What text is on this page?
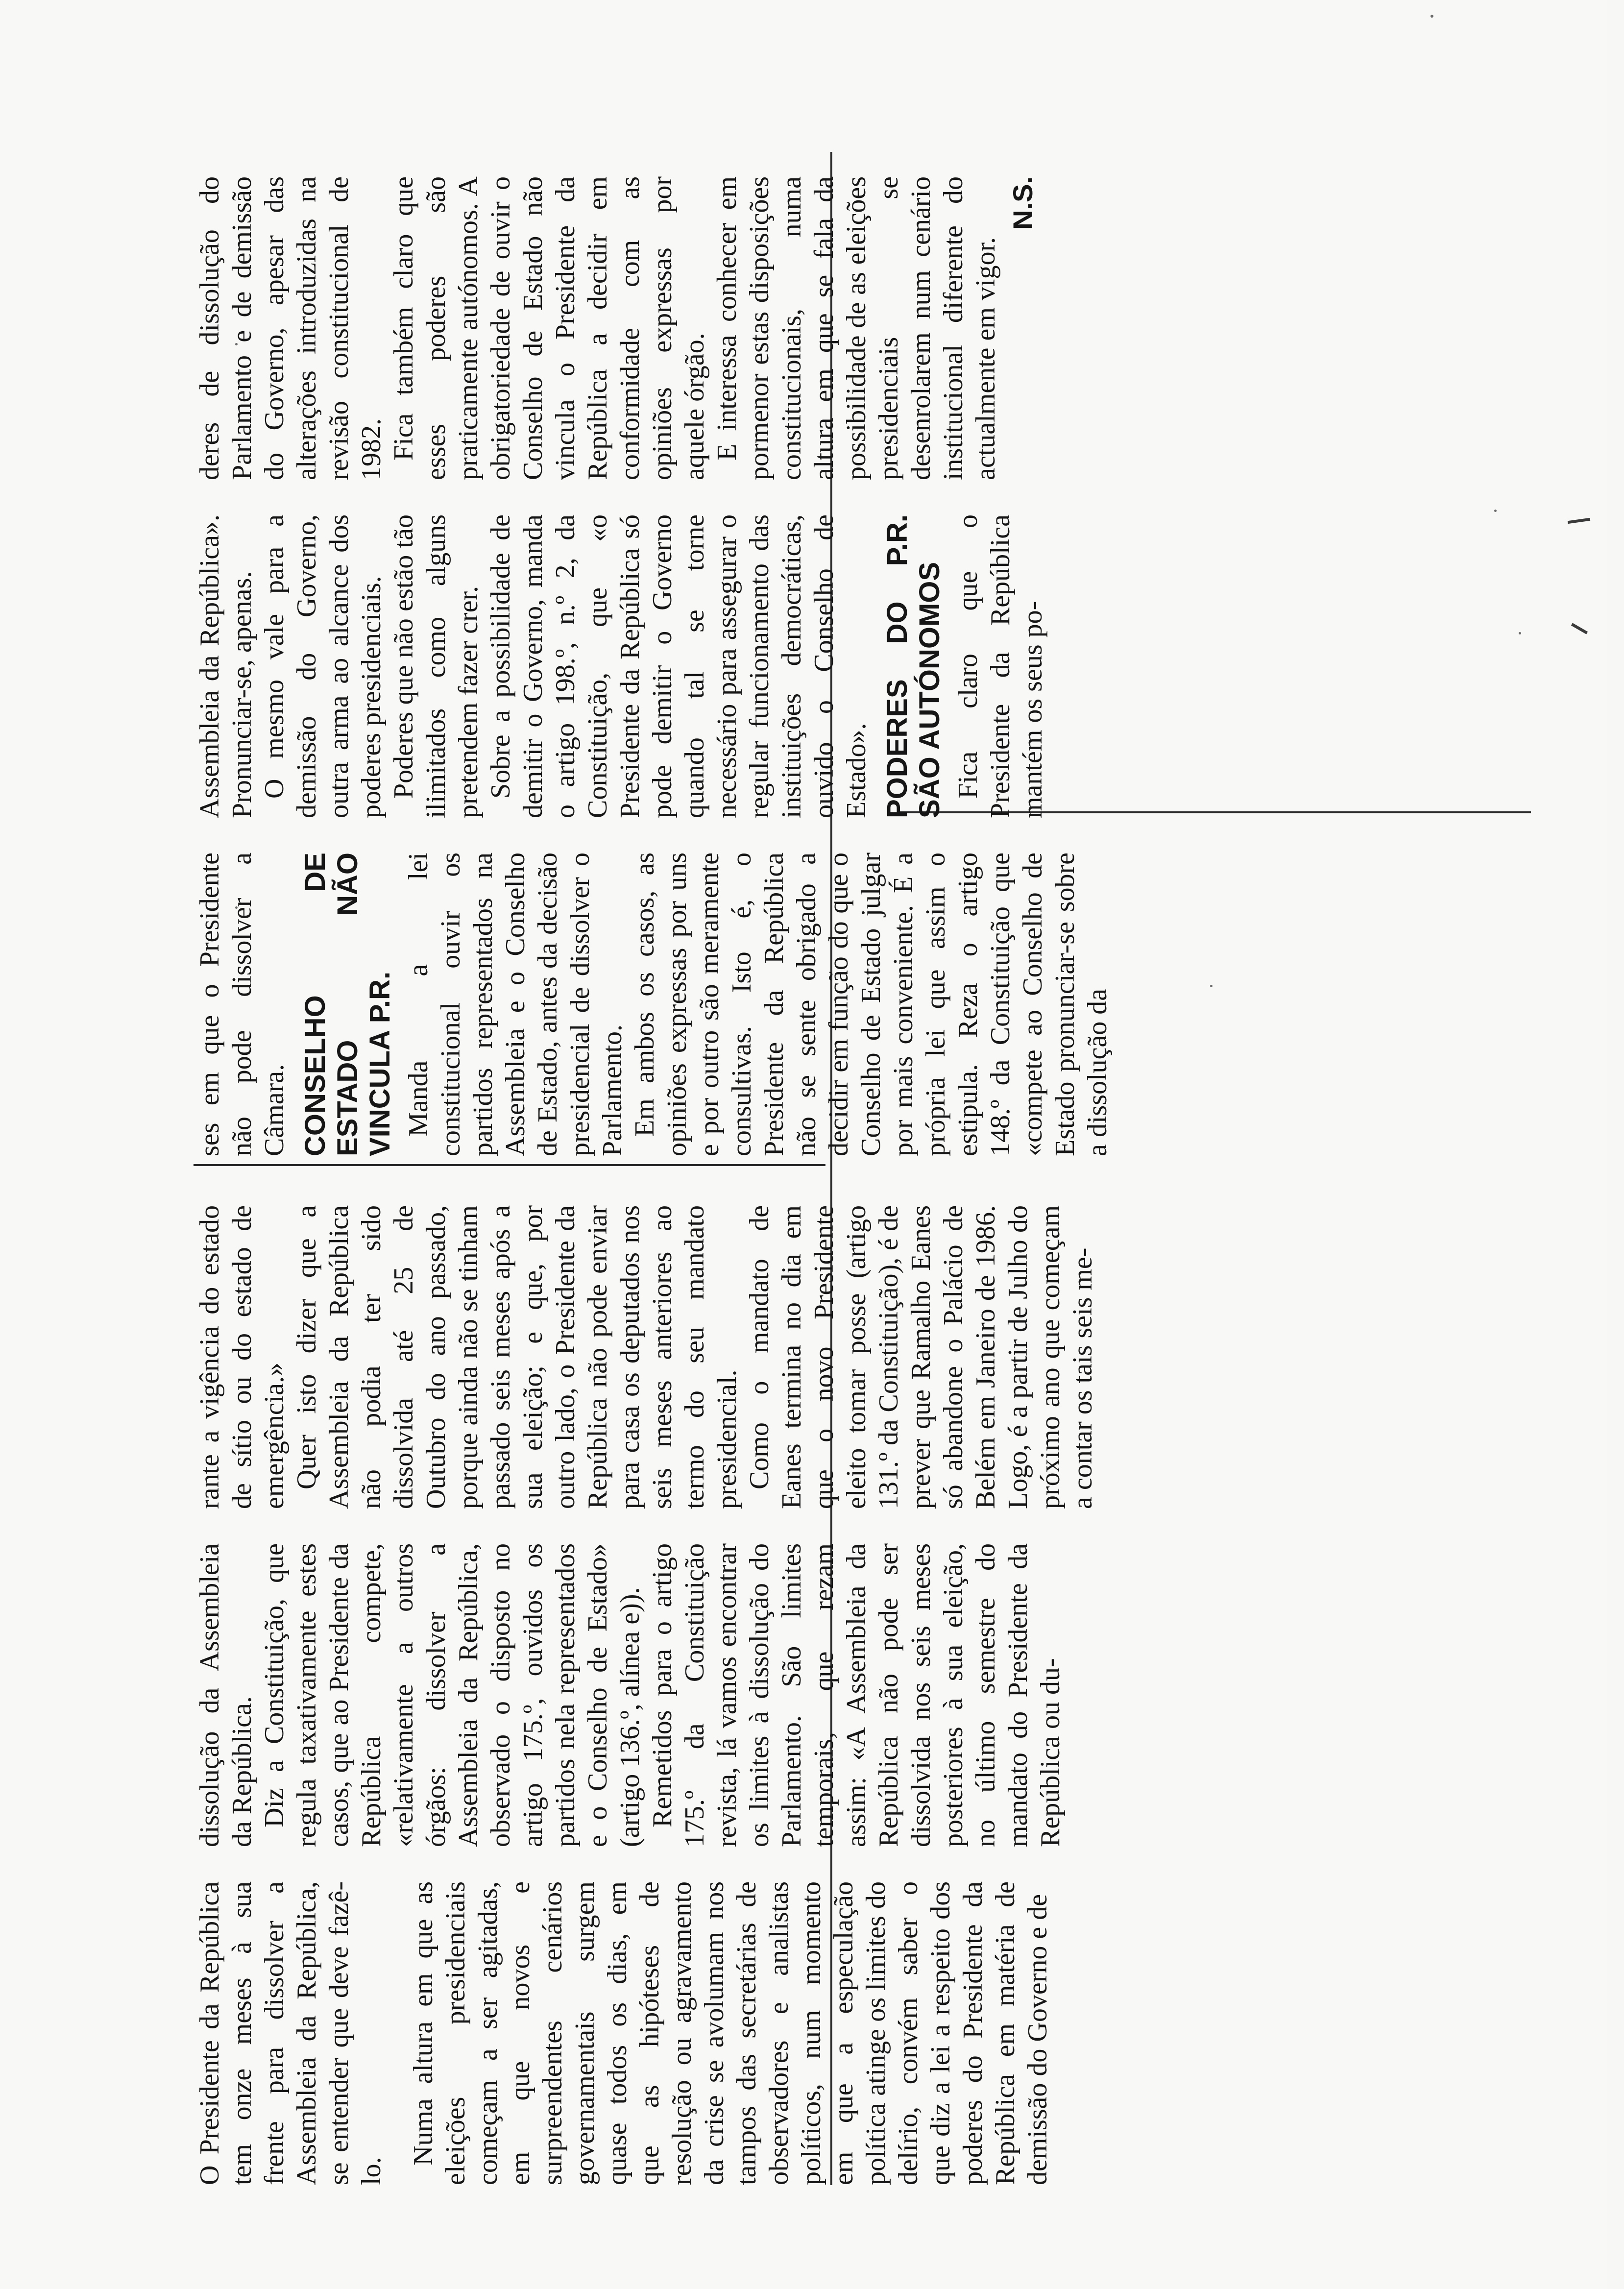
O Presidente da República tem onze meses à sua frente para dissolver a Assembleia da República, se entender que deve fazê-lo.

Numa altura em que as eleições presidenciais começam a ser agitadas, em que novos e surpreendentes cenários governamentais surgem quase todos os dias, em que as hipóteses de resolução ou agravamento da crise se avolumam nos tampos das secretárias de observadores e analistas políticos, num momento em que a especulação política atinge os limites do delírio, convém saber o que diz a lei a respeito dos poderes do Presidente da República em matéria de demissão do Governo e de

dissolução da Assembleia da República. Diz a Constituição, que regula taxativamente estes casos, que ao Presidente da República compete, «relativamente a outros órgãos: dissolver a Assembleia da República, observado o disposto no artigo 175.º, ouvidos os partidos nela representados e o Conselho de Estado» (artigo 136.º, alínea e)). Remetidos para o artigo 175.º da Constituição revista, lá vamos encontrar os limites à dissolução do Parlamento. São limites temporais, que rezam assim: «A Assembleia da República não pode ser dissolvida nos seis meses posteriores à sua eleição, no último semestre do mandato do Presidente da República ou du-

rante a vigência do estado de sítio ou do estado de emergência.» Quer isto dizer que a Assembleia da República não podia ter sido dissolvida até 25 de Outubro do ano passado, porque ainda não se tinham passado seis meses após a sua eleição; e que, por outro lado, o Presidente da República não pode enviar para casa os deputados nos seis meses anteriores ao termo do seu mandato presidencial. Como o mandato de Eanes termina no dia em que o novo Presidente eleito tomar posse (artigo 131.º da Constituição), é de prever que Ramalho Eanes só abandone o Palácio de Belém em Janeiro de 1986. Logo, é a partir de Julho do próximo ano que começam a contar os tais seis me-

ses em que o Presidente não pode dissolver a Câmara. CONSELHO DE ESTADO NÃO VINCULA P.R. Manda a lei constitucional ouvir os partidos representados na Assembleia e o Conselho de Estado, antes da decisão presidencial de dissolver o Parlamento. Em ambos os casos, as opiniões expressas por uns e por outro são meramente consultivas. Isto é, o Presidente da República não se sente obrigado a decidir em função do que o Conselho de Estado julgar por mais conveniente. É a própria lei que assim o estipula. Reza o artigo 148.º da Constituição que «compete ao Conselho de Estado pronunciar-se sobre a dissolução da

Assembleia da República». Pronunciar-se, apenas. O mesmo vale para a demissão do Governo, outra arma ao alcance dos poderes presidenciais. Poderes que não estão tão ilimitados como alguns pretendem fazer crer. Sobre a possibilidade de demitir o Governo, manda o artigo 198.º, n.º 2, da Constituição, que «o Presidente da República só pode demitir o Governo quando tal se torne necessário para assegurar o regular funcionamento das instituições democráticas, ouvido o Conselho de Estado». PODERES DO P.R. SÃO AUTÓNOMOS Fica claro que o Presidente da República mantém os seus po-

deres de dissolução do Parlamento e de demissão do Governo, apesar das alterações introduzidas na revisão constitucional de 1982. Fica também claro que esses poderes são praticamente autónomos. A obrigatoriedade de ouvir o Conselho de Estado não vincula o Presidente da República a decidir em conformidade com as opiniões expressas por aquele órgão. E interessa conhecer em pormenor estas disposições constitucionais, numa altura em que se fala da possibilidade de as eleições presidenciais se desenrolarem num cenário institucional diferente do actualmente em vigor.

N.S.
